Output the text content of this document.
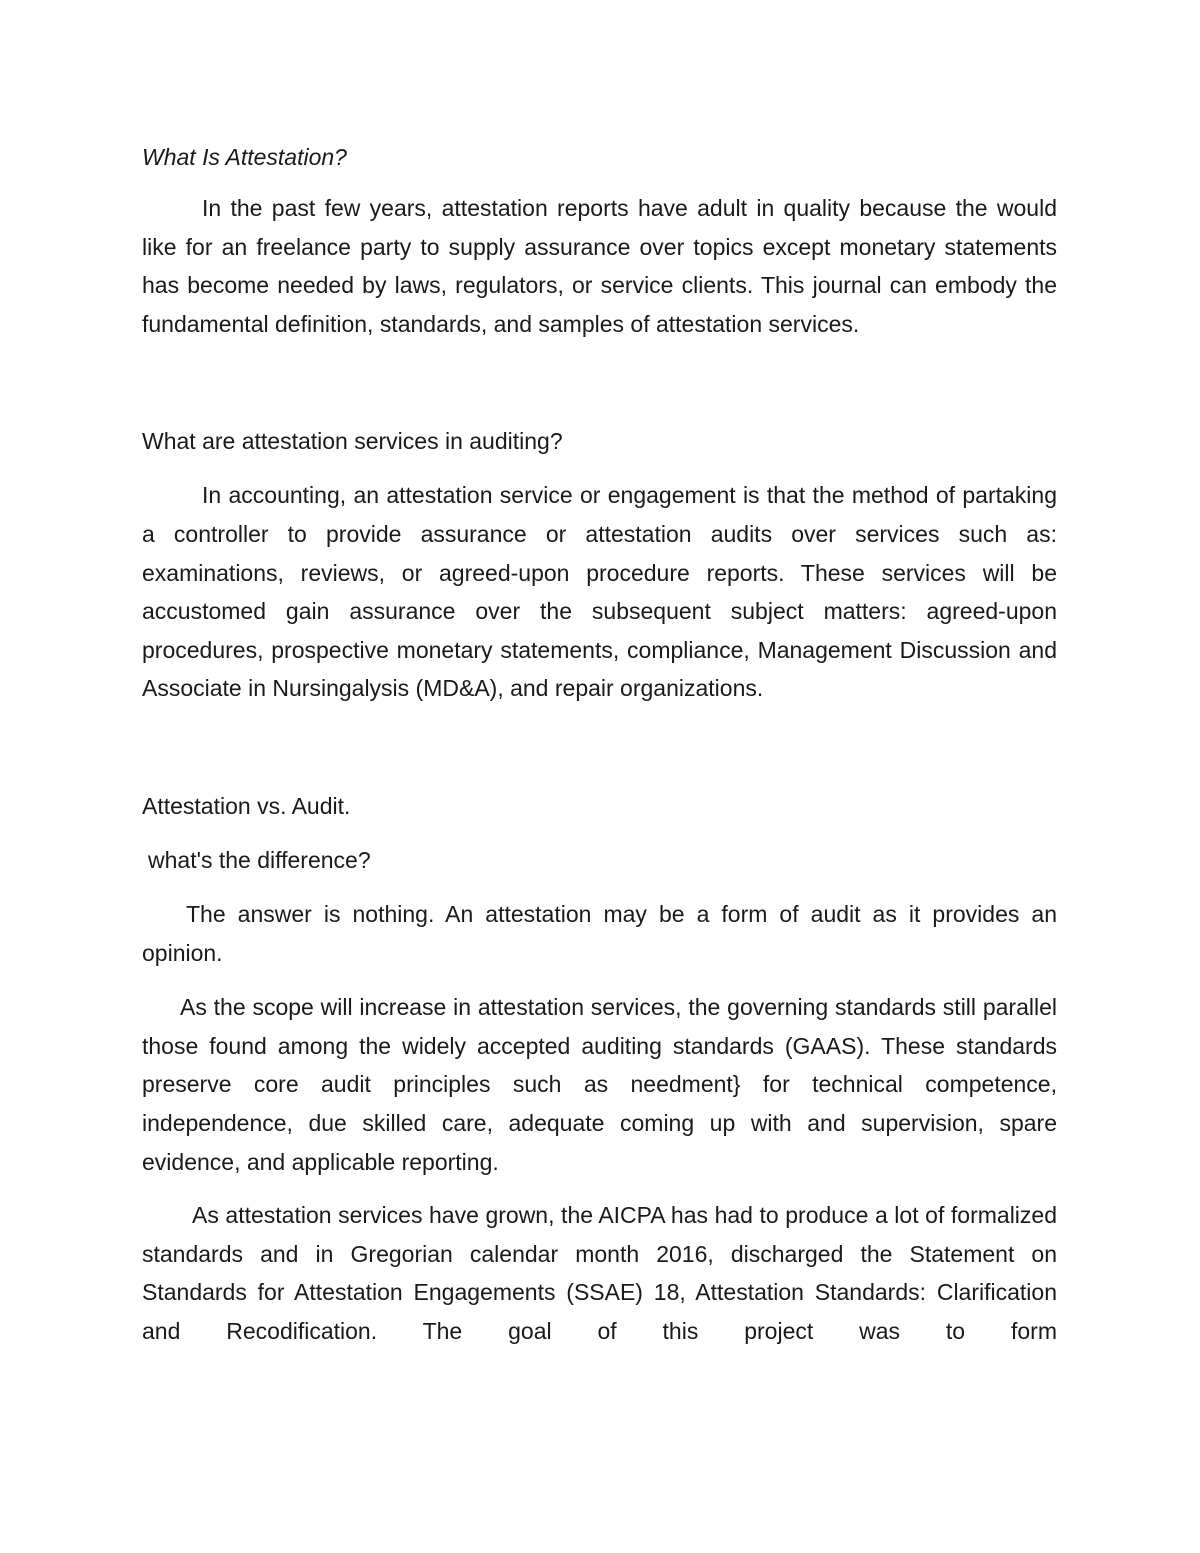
What Is Attestation?

In the past few years, attestation reports have adult in quality because the would like for an freelance party to supply assurance over topics except monetary statements has become needed by laws, regulators, or service clients. This journal can embody the fundamental definition, standards, and samples of attestation services.

What are attestation services in auditing?

In accounting, an attestation service or engagement is that the method of partaking a controller to provide assurance or attestation audits over services such as: examinations, reviews, or agreed-upon procedure reports. These services will be accustomed gain assurance over the subsequent subject matters: agreed-upon procedures, prospective monetary statements, compliance, Management Discussion and Associate in Nursingalysis (MD&A), and repair organizations.

Attestation vs. Audit.

what's the difference?

The answer is nothing. An attestation may be a form of audit as it provides an opinion.

As the scope will increase in attestation services, the governing standards still parallel those found among the widely accepted auditing standards (GAAS). These standards preserve core audit principles such as needment} for technical competence, independence, due skilled care, adequate coming up with and supervision, spare evidence, and applicable reporting.

As attestation services have grown, the AICPA has had to produce a lot of formalized standards and in Gregorian calendar month 2016, discharged the Statement on Standards for Attestation Engagements (SSAE) 18, Attestation Standards: Clarification and Recodification. The goal of this project was to form
